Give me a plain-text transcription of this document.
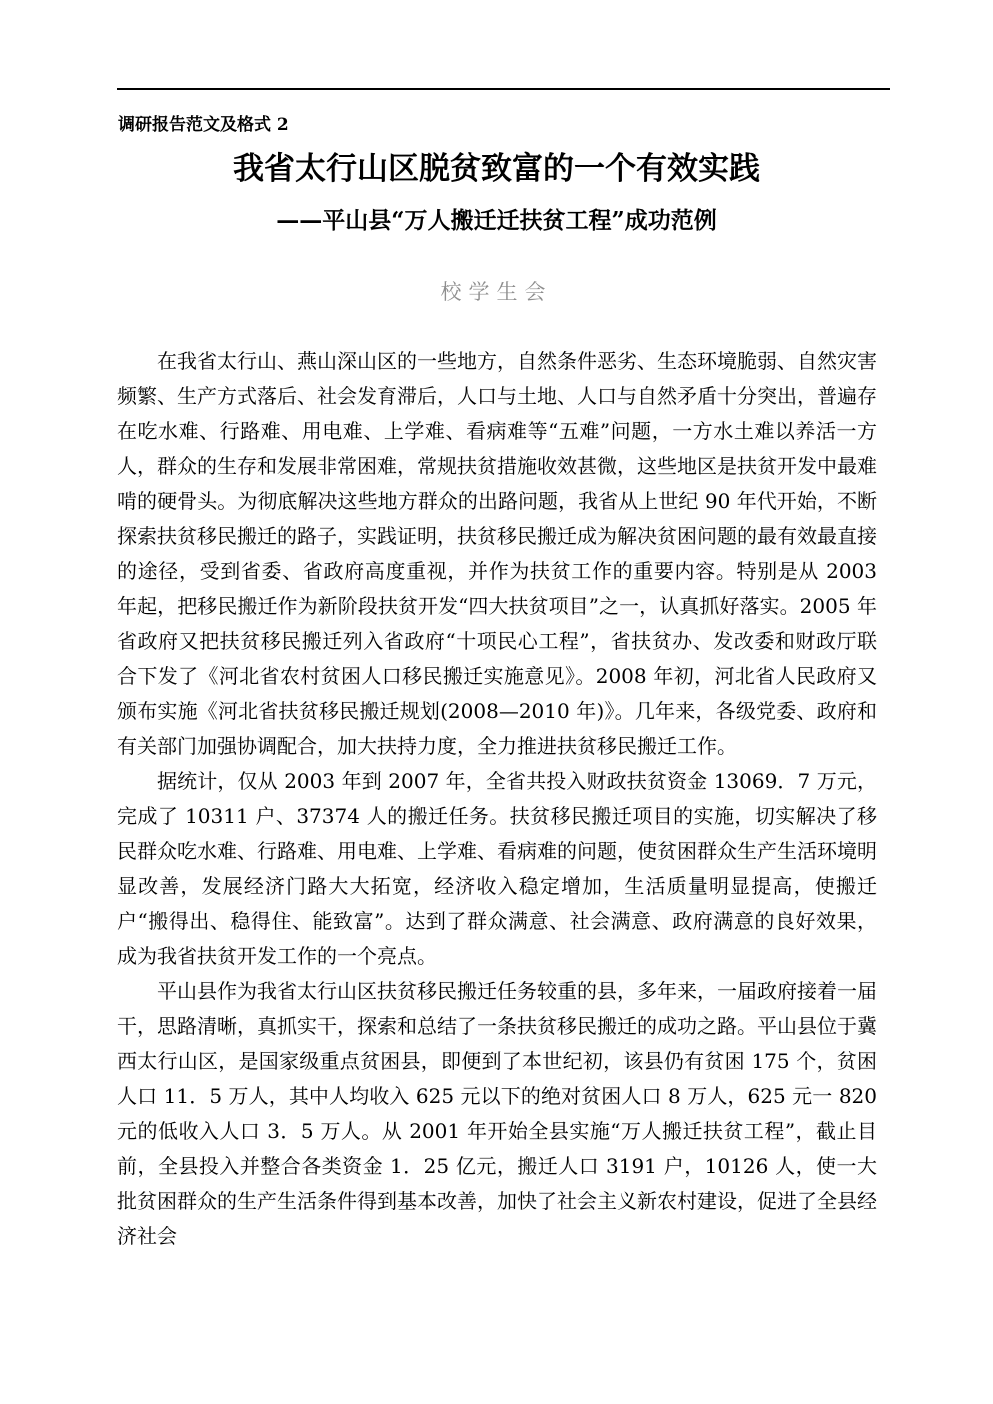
调研报告范文及格式 2
我省太行山区脱贫致富的一个有效实践
——平山县“万人搬迁迁扶贫工程”成功范例
校学生会

在我省太行山、燕山深山区的一些地方，自然条件恶劣、生态环境脆弱、自然灾害频繁、生产方式落后、社会发育滞后，人口与土地、人口与自然矛盾十分突出，普遍存在吃水难、行路难、用电难、上学难、看病难等“五难”问题，一方水土难以养活一方人，群众的生存和发展非常困难，常规扶贫措施收效甚微，这些地区是扶贫开发中最难啃的硬骨头。为彻底解决这些地方群众的出路问题，我省从上世纪 90 年代开始，不断探索扶贫移民搬迁的路子，实践证明，扶贫移民搬迁成为解决贫困问题的最有效最直接的途径，受到省委、省政府高度重视，并作为扶贫工作的重要内容。特别是从 2003 年起，把移民搬迁作为新阶段扶贫开发“四大扶贫项目”之一，认真抓好落实。2005 年省政府又把扶贫移民搬迁列入省政府“十项民心工程”，省扶贫办、发改委和财政厅联合下发了《河北省农村贫困人口移民搬迁实施意见》。2008 年初，河北省人民政府又颁布实施《河北省扶贫移民搬迁规划(2008—2010 年)》。几年来，各级党委、政府和有关部门加强协调配合，加大扶持力度，全力推进扶贫移民搬迁工作。

据统计，仅从 2003 年到 2007 年，全省共投入财政扶贫资金 13069．7 万元，完成了 10311 户、37374 人的搬迁任务。扶贫移民搬迁项目的实施，切实解决了移民群众吃水难、行路难、用电难、上学难、看病难的问题，使贫困群众生产生活环境明显改善，发展经济门路大大拓宽，经济收入稳定增加，生活质量明显提高，使搬迁户“搬得出、稳得住、能致富”。达到了群众满意、社会满意、政府满意的良好效果，成为我省扶贫开发工作的一个亮点。

平山县作为我省太行山区扶贫移民搬迁任务较重的县，多年来，一届政府接着一届干，思路清晰，真抓实干，探索和总结了一条扶贫移民搬迁的成功之路。平山县位于冀西太行山区，是国家级重点贫困县，即便到了本世纪初，该县仍有贫困 175 个，贫困人口 11．5 万人，其中人均收入 625 元以下的绝对贫困人口 8 万人，625 元一 820 元的低收入人口 3．5 万人。从 2001 年开始全县实施“万人搬迁扶贫工程”，截止目前，全县投入并整合各类资金 1．25 亿元，搬迁人口 3191 户，10126 人，使一大批贫困群众的生产生活条件得到基本改善，加快了社会主义新农村建设，促进了全县经济社会
